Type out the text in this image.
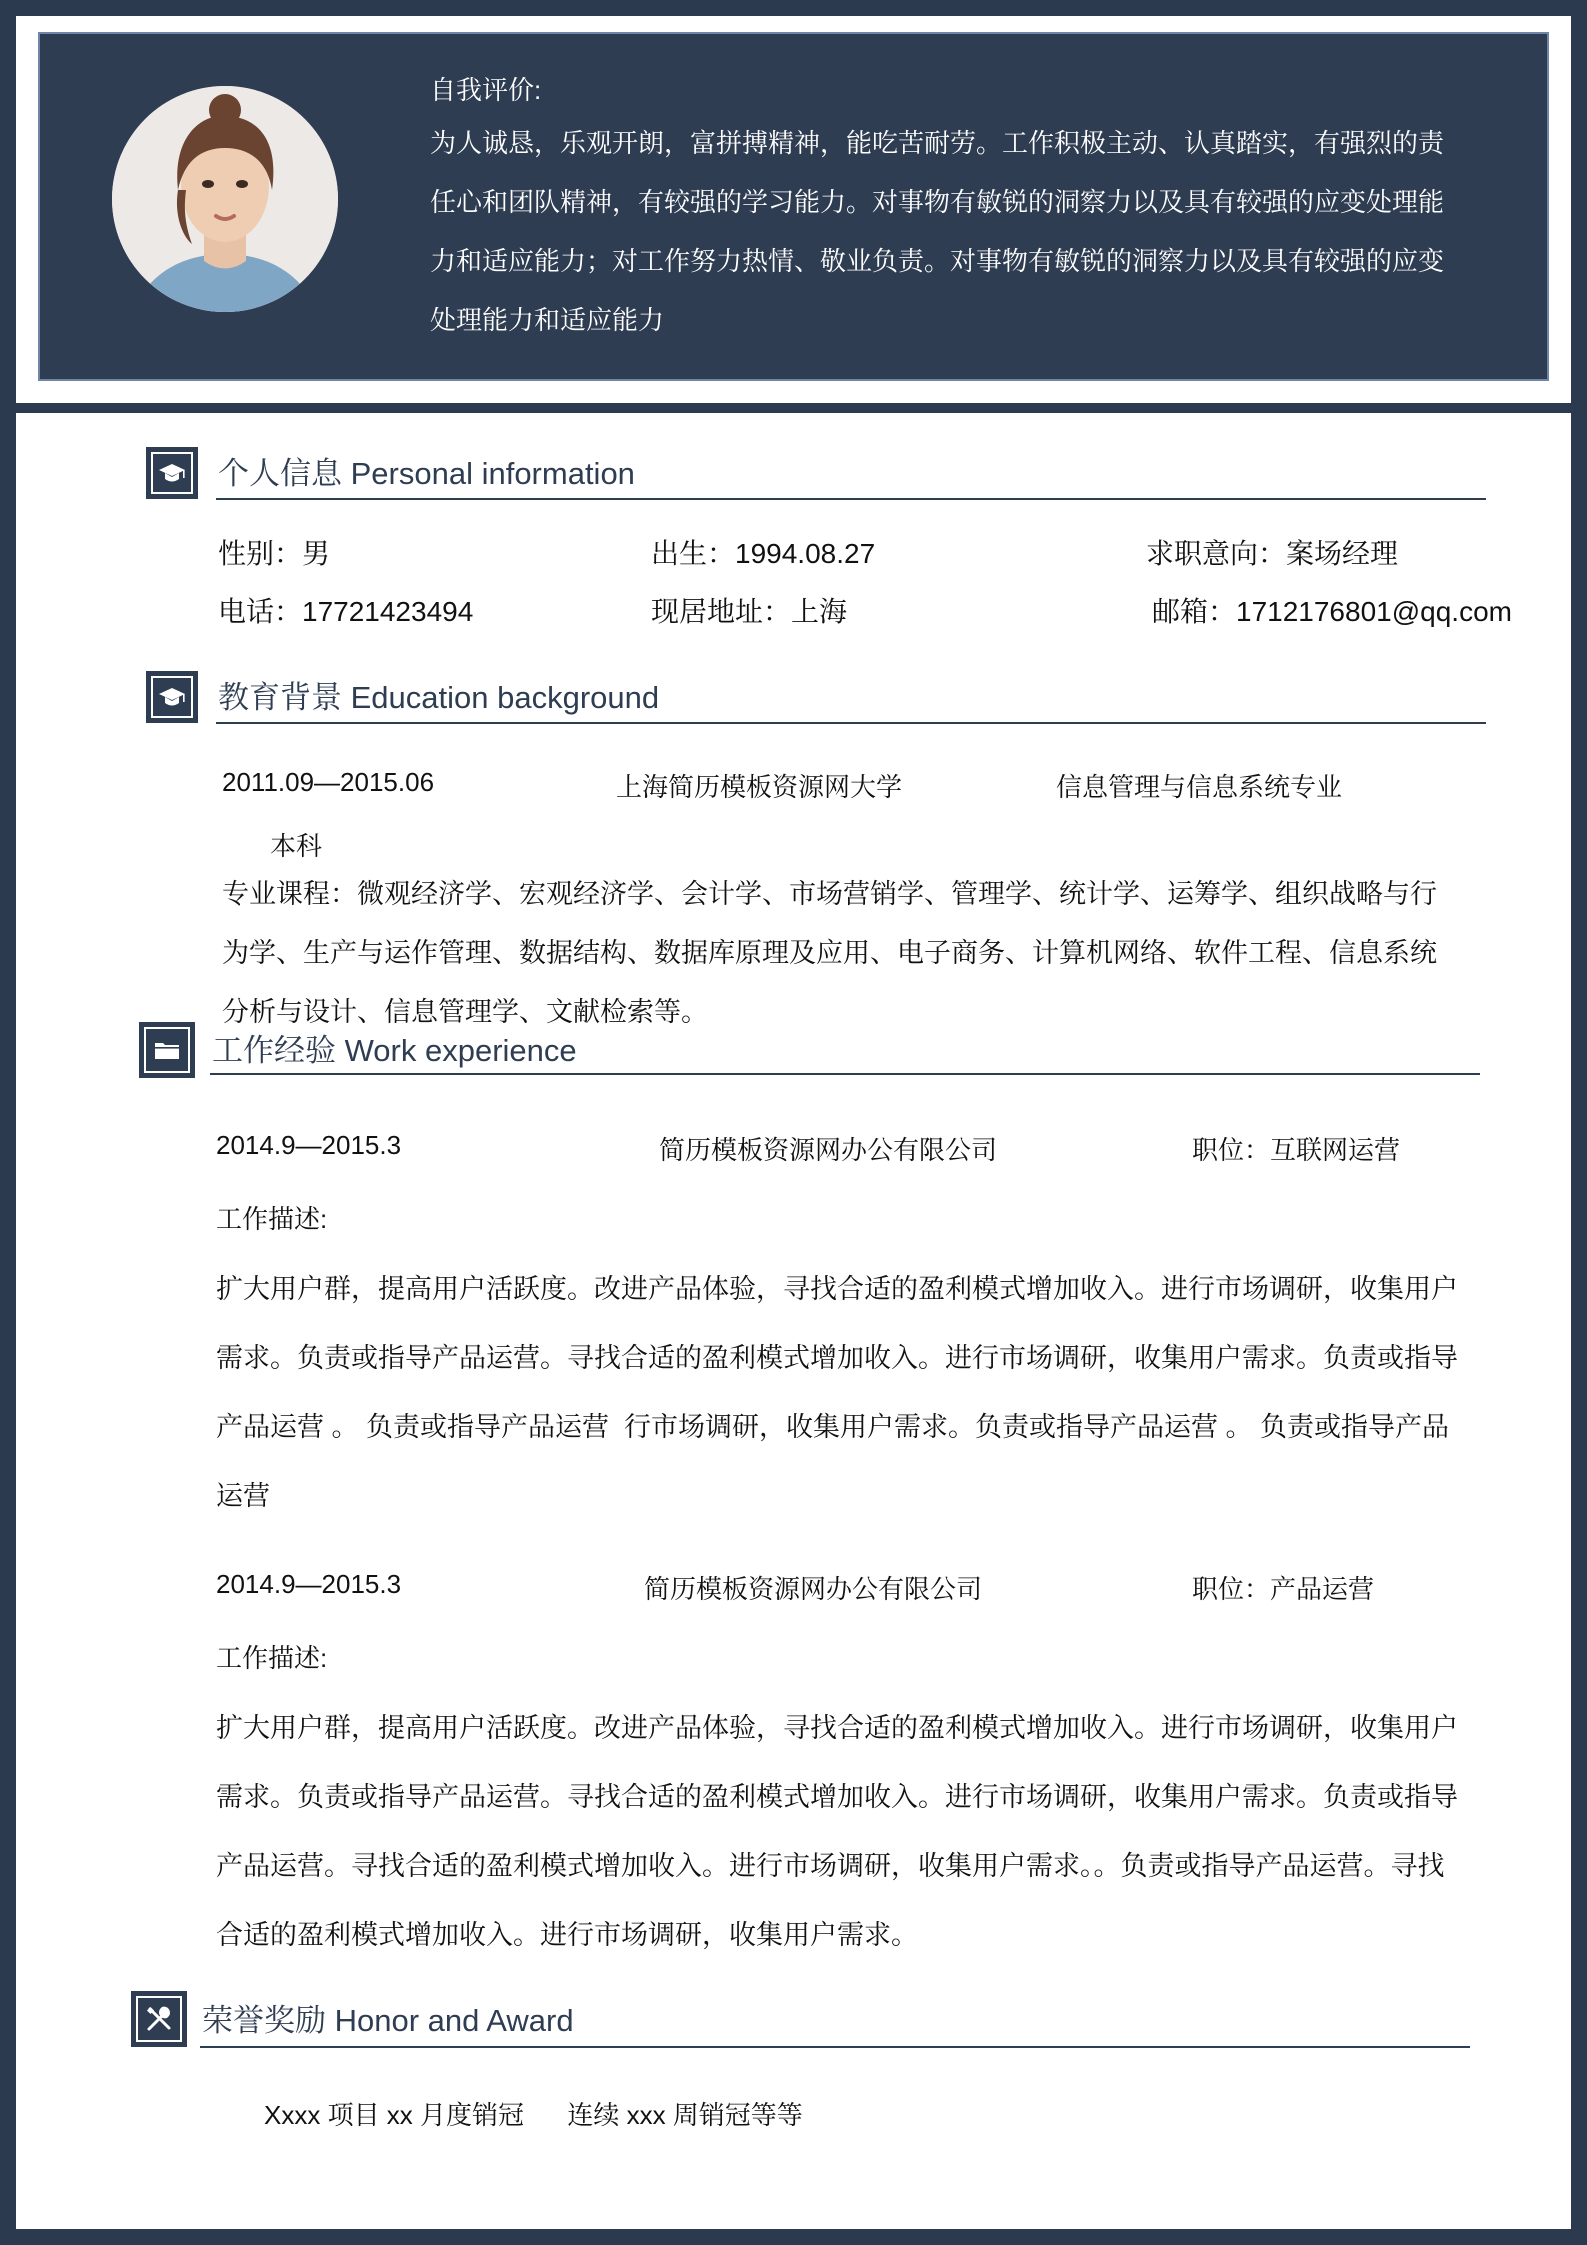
自我评价:
为人诚恳，乐观开朗，富拼搏精神，能吃苦耐劳。工作积极主动、认真踏实，有强烈的责
任心和团队精神，有较强的学习能力。对事物有敏锐的洞察力以及具有较强的应变处理能
力和适应能力；对工作努力热情、敬业负责。对事物有敏锐的洞察力以及具有较强的应变
处理能力和适应能力
个人信息 Personal information
性别：男	出生：1994.08.27	求职意向：案场经理
电话：17721423494	现居地址：上海	邮箱：1712176801@qq.com
教育背景 Education background
2011.09—2015.06	上海简历模板资源网大学	信息管理与信息系统专业
本科
专业课程：微观经济学、宏观经济学、会计学、市场营销学、管理学、统计学、运筹学、组织战略与行
为学、生产与运作管理、数据结构、数据库原理及应用、电子商务、计算机网络、软件工程、信息系统
分析与设计、信息管理学、文献检索等。
工作经验 Work experience
2014.9—2015.3	简历模板资源网办公有限公司	职位：互联网运营
工作描述:
扩大用户群，提高用户活跃度。改进产品体验，寻找合适的盈利模式增加收入。进行市场调研，收集用户
需求。负责或指导产品运营。寻找合适的盈利模式增加收入。进行市场调研，收集用户需求。负责或指导
产品运营 。 负责或指导产品运营  行市场调研，收集用户需求。负责或指导产品运营 。 负责或指导产品
运营
2014.9—2015.3	简历模板资源网办公有限公司	职位：产品运营
工作描述:
扩大用户群，提高用户活跃度。改进产品体验，寻找合适的盈利模式增加收入。进行市场调研，收集用户
需求。负责或指导产品运营。寻找合适的盈利模式增加收入。进行市场调研，收集用户需求。负责或指导
产品运营。寻找合适的盈利模式增加收入。进行市场调研，收集用户需求。。负责或指导产品运营。寻找
合适的盈利模式增加收入。进行市场调研，收集用户需求。
荣誉奖励 Honor and Award
Xxxx 项目 xx 月度销冠      连续 xxx 周销冠等等
